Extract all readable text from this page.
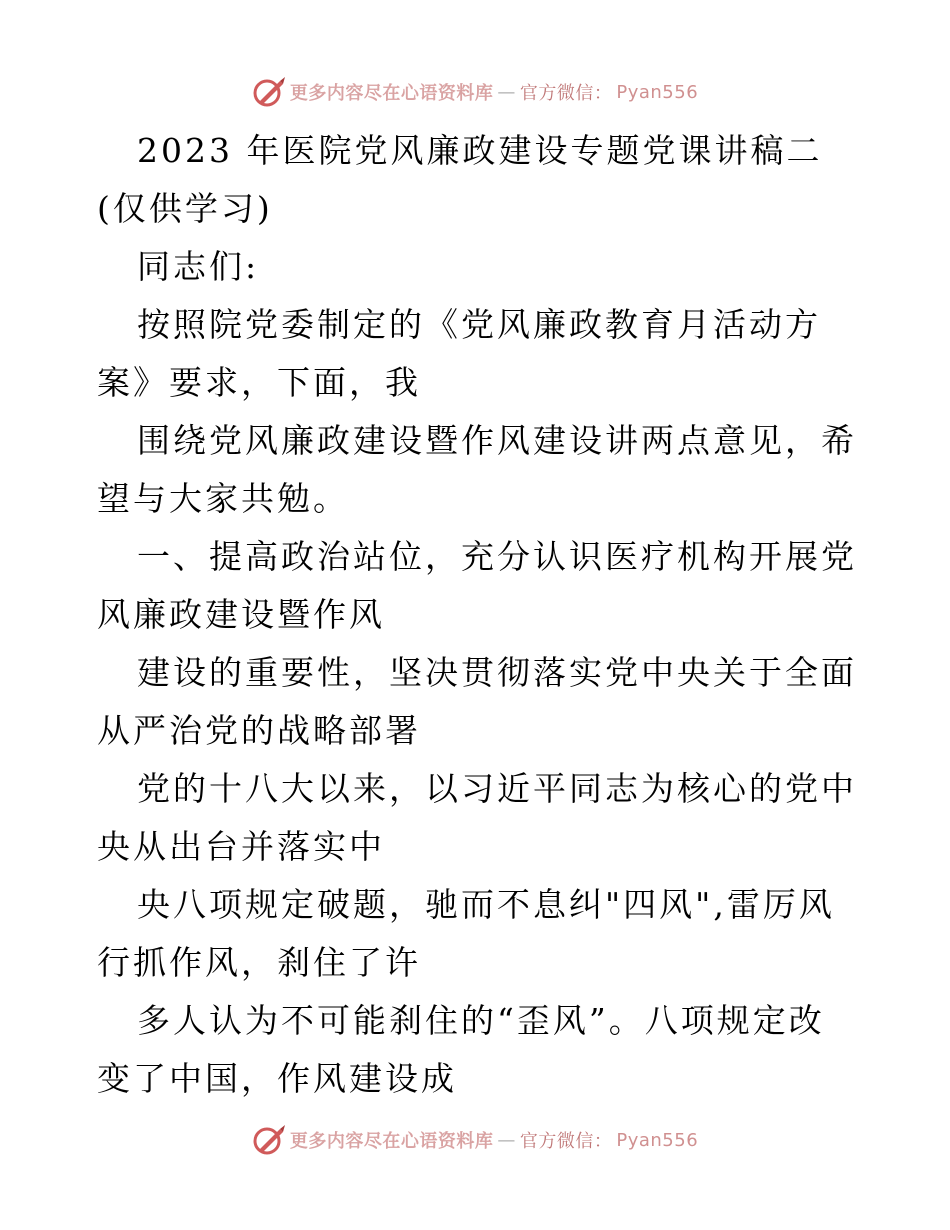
更多内容尽在心语资料库 — 官方微信： Pyan556

2023 年医院党风廉政建设专题党课讲稿二(仅供学习)

同志们:

按照院党委制定的《党风廉政教育月活动方案》要求，下面，我

围绕党风廉政建设暨作风建设讲两点意见，希望与大家共勉。

一、提高政治站位，充分认识医疗机构开展党风廉政建设暨作风

建设的重要性，坚决贯彻落实党中央关于全面从严治党的战略部署

党的十八大以来，以习近平同志为核心的党中央从出台并落实中

央八项规定破题，驰而不息纠"四风",雷厉风行抓作风，刹住了许

多人认为不可能刹住的“歪风”。八项规定改变了中国，作风建设成

更多内容尽在心语资料库 — 官方微信： Pyan556
